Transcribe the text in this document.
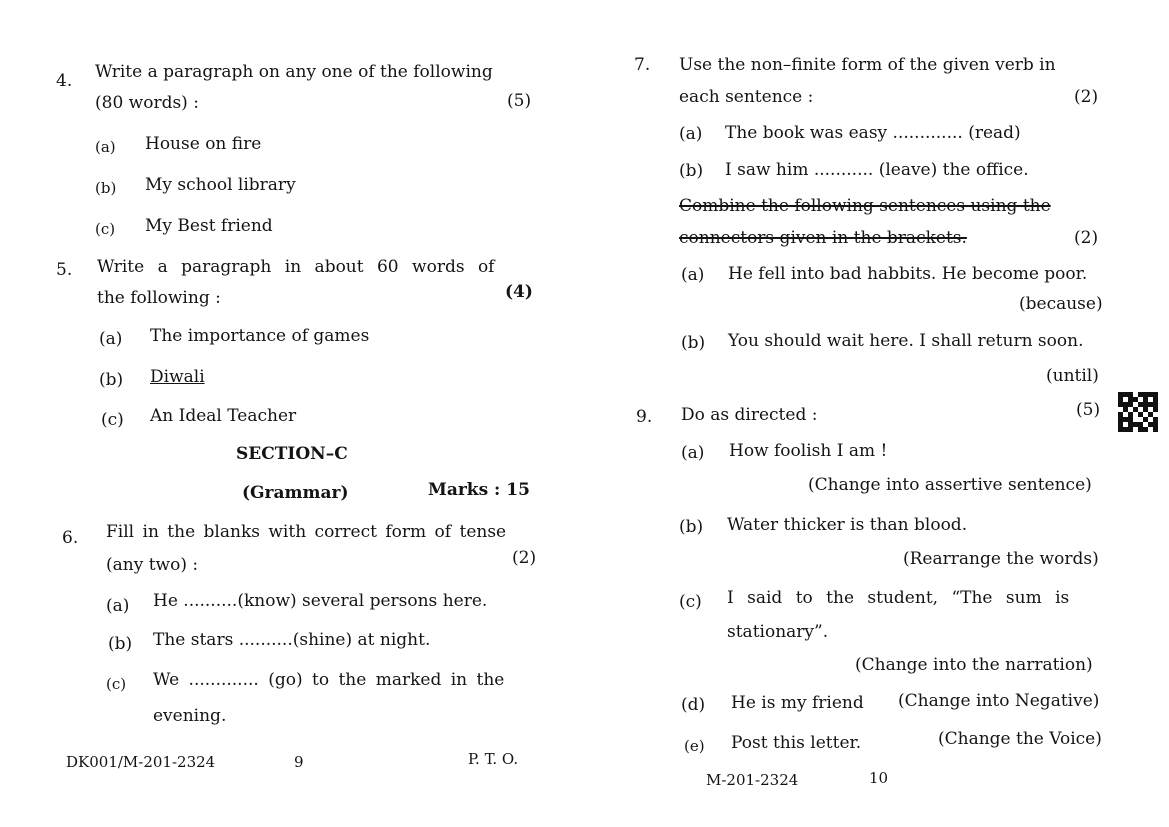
4. Write a paragraph on any one of the following
(80 words) :	(5)
(a) House on fire
(b) My school library
(c) My Best friend
5. Write a paragraph in about 60 words of
the following :	(4)
(a) The importance of games
(b) Diwali
(c) An Ideal Teacher
SECTION–C
(Grammar)	Marks : 15
6. Fill in the blanks with correct form of tense
(any two) :	(2)
(a) He ..........(know) several persons here.
(b) The stars ..........(shine) at night.
(c) We ............. (go) to the marked in the
evening.
DK001/M-201-2324	9	P. T. O.
7. Use the non–finite form of the given verb in
each sentence :	(2)
(a) The book was easy ............. (read)
(b) I saw him ........... (leave) the office.
Combine the following sentences using the
connectors given in the brackets.	(2)
(a) He fell into bad habbits. He become poor.
(because)
(b) You should wait here. I shall return soon.
(until)
9. Do as directed :	(5)
(a) How foolish I am !
(Change into assertive sentence)
(b) Water thicker is than blood.
(Rearrange the words)
(c) I said to the student, “The sum is
stationary”.
(Change into the narration)
(d) He is my friend (Change into Negative)
(e) Post this letter.	(Change the Voice)
M-201-2324	10
